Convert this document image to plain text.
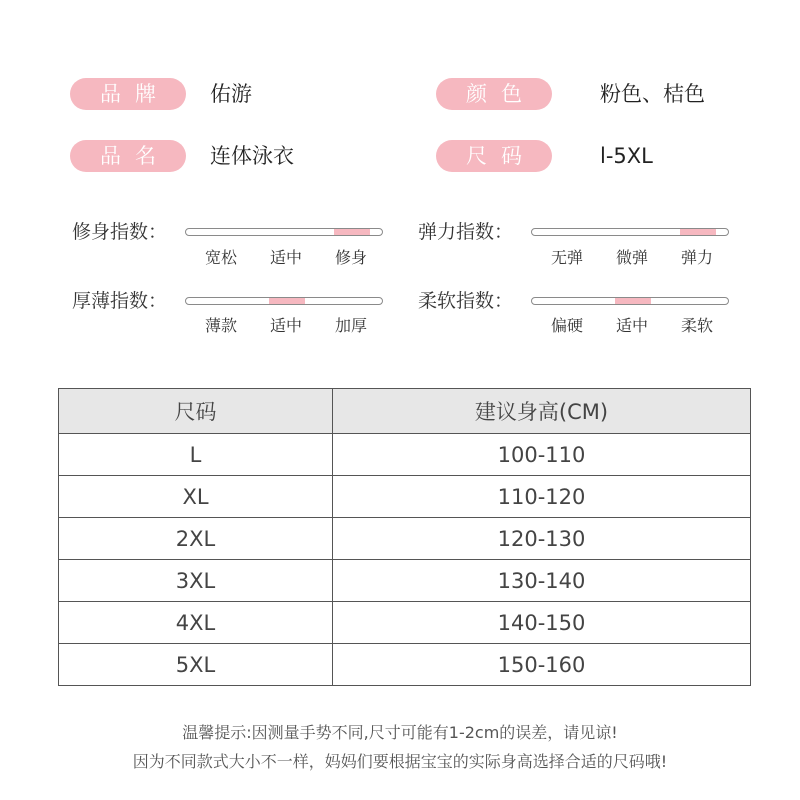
品牌	佑游	颜色	粉色、桔色
品名	连体泳衣	尺码	l-5XL
修身指数：
宽松	适中	修身
弹力指数：
无弹	微弹	弹力
厚薄指数：
薄款	适中	加厚
柔软指数：
偏硬	适中	柔软
尺码	建议身高(CM)
L	100-110
XL	110-120
2XL	120-130
3XL	130-140
4XL	140-150
5XL	150-160
温馨提示:因测量手势不同,尺寸可能有1-2cm的误差，请见谅!
因为不同款式大小不一样，妈妈们要根据宝宝的实际身高选择合适的尺码哦!
